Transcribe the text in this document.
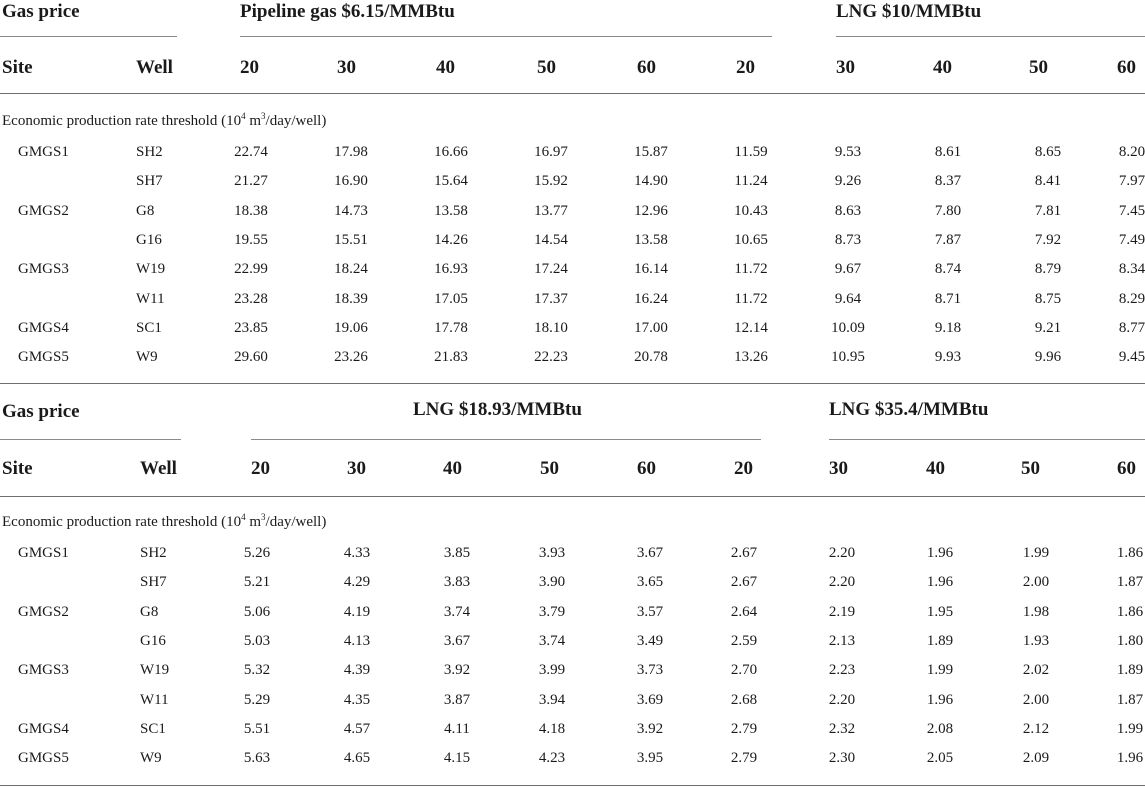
Gas price	Pipeline gas $6.15/MMBtu	LNG $10/MMBtu
Site	Well	20	30	40	50	60	20	30	40	50	60
Economic production rate threshold ($10^4$ $m^3/day/well$)
GMGS1	SH2	22.74	17.98	16.66	16.97	15.87	11.59	9.53	8.61	8.65	8.20
SH7	21.27	16.90	15.64	15.92	14.90	11.24	9.26	8.37	8.41	7.97
GMGS2	G8	18.38	14.73	13.58	13.77	12.96	10.43	8.63	7.80	7.81	7.45
G16	19.55	15.51	14.26	14.54	13.58	10.65	8.73	7.87	7.92	7.49
GMGS3	W19	22.99	18.24	16.93	17.24	16.14	11.72	9.67	8.74	8.79	8.34
W11	23.28	18.39	17.05	17.37	16.24	11.72	9.64	8.71	8.75	8.29
GMGS4	SC1	23.85	19.06	17.78	18.10	17.00	12.14	10.09	9.18	9.21	8.77
GMGS5	W9	29.60	23.26	21.83	22.23	20.78	13.26	10.95	9.93	9.96	9.45
Gas price	LNG $18.93/MMBtu	LNG $35.4/MMBtu
Site	Well	20	30	40	50	60	20	30	40	50	60
Economic production rate threshold ($10^4$ $m^3/day/well$)
GMGS1	SH2	5.26	4.33	3.85	3.93	3.67	2.67	2.20	1.96	1.99	1.86
SH7	5.21	4.29	3.83	3.90	3.65	2.67	2.20	1.96	2.00	1.87
GMGS2	G8	5.06	4.19	3.74	3.79	3.57	2.64	2.19	1.95	1.98	1.86
G16	5.03	4.13	3.67	3.74	3.49	2.59	2.13	1.89	1.93	1.80
GMGS3	W19	5.32	4.39	3.92	3.99	3.73	2.70	2.23	1.99	2.02	1.89
W11	5.29	4.35	3.87	3.94	3.69	2.68	2.20	1.96	2.00	1.87
GMGS4	SC1	5.51	4.57	4.11	4.18	3.92	2.79	2.32	2.08	2.12	1.99
GMGS5	W9	5.63	4.65	4.15	4.23	3.95	2.79	2.30	2.05	2.09	1.96
